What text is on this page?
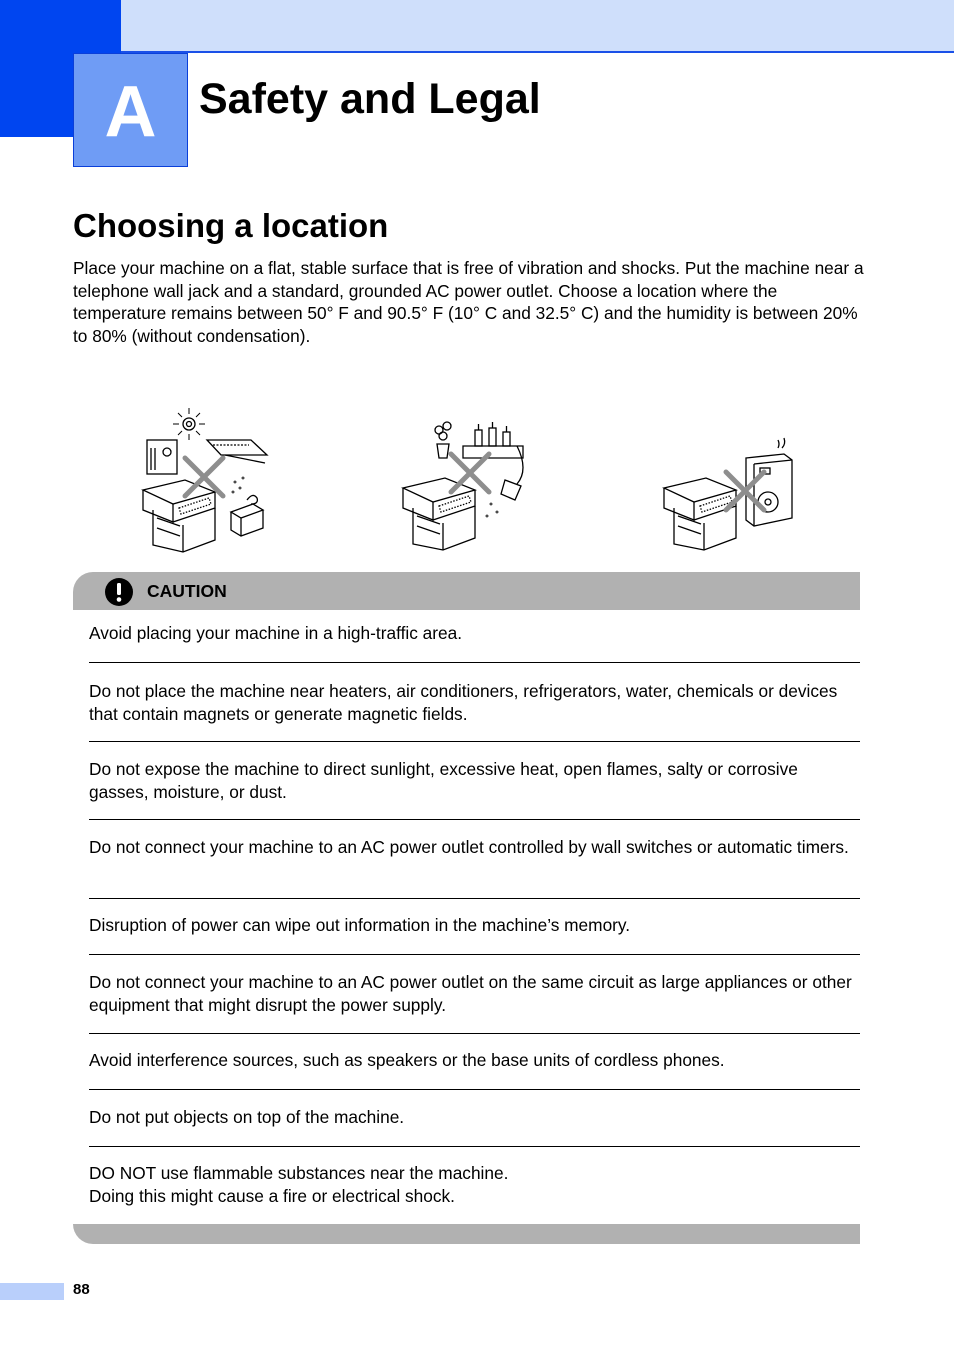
A Safety and Legal
Choosing a location

Place your machine on a flat, stable surface that is free of vibration and shocks. Put the machine near a telephone wall jack and a standard, grounded AC power outlet. Choose a location where the temperature remains between 50° F and 90.5° F (10° C and 32.5° C) and the humidity is between 20% to 80% (without condensation).

CAUTION
Avoid placing your machine in a high-traffic area.
Do not place the machine near heaters, air conditioners, refrigerators, water, chemicals or devices that contain magnets or generate magnetic fields.
Do not expose the machine to direct sunlight, excessive heat, open flames, salty or corrosive gasses, moisture, or dust.
Do not connect your machine to an AC power outlet controlled by wall switches or automatic timers.
Disruption of power can wipe out information in the machine’s memory.
Do not connect your machine to an AC power outlet on the same circuit as large appliances or other equipment that might disrupt the power supply.
Avoid interference sources, such as speakers or the base units of cordless phones.
Do not put objects on top of the machine.
DO NOT use flammable substances near the machine.
Doing this might cause a fire or electrical shock.
88
